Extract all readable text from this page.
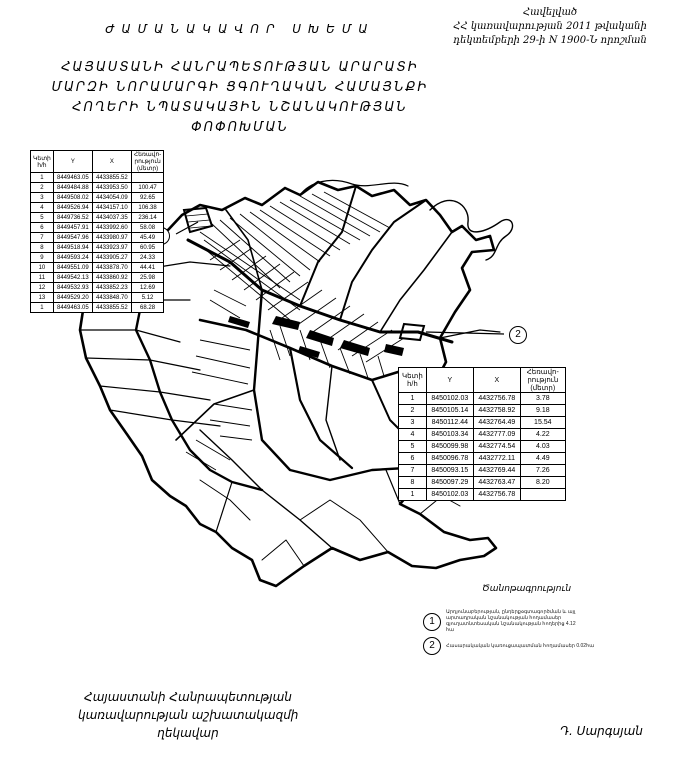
Հավելված
ՀՀ կառավարության 2011 թվականի
դեկտեմբերի 29-ի N 1900-Ն որոշման
ԺԱՄԱՆԱԿԱՎՈՐ ՍԽԵՄԱ
ՀԱՅԱՍՏԱՆԻ ՀԱՆՐԱՊԵՏՈՒԹՅԱՆ ԱՐԱՐԱՏԻ
ՄԱՐԶԻ ՆՈՐԱՄԱՐԳԻ ՑԳՈՒՂԱԿԱՆ ՀԱՄԱՅՆՔԻ
ՀՈՂԵՐԻ ՆՊԱՏԱԿԱՅԻՆ ՆՇԱՆԱԿՈՒԹՅԱՆ
ՓՈՓՈԽՄԱՆ
2
Կետի հ/հ	Y	X	Հեռավո- րություն (մետր)
1	8449463.05	4433855.52	
2	8449484.88	4433953.50	100.47
3	8449508.02	4434054.09	92.65
4	8449526.94	4434157.10	106.38
5	8449736.52	4434037.35	236.14
6	8449457.91	4433992.60	58.08
7	8449547.96	4433980.97	45.49
8	8449518.94	4433923.97	60.95
9	8449593.24	4433905.27	24.33
10	8449551.09	4433878.70	44.41
11	8449542.13	4433860.92	25.98
12	8449532.93	4433852.23	12.69
13	8449529.20	4433848.70	5.12
1	8449463.05	4433855.52	68.28
Կետի հ/հ	Y	X	Հեռավո- րություն (մետր)
1	8450102.03	4432756.78	3.78
2	8450105.14	4432758.92	9.18
3	8450112.44	4432764.49	15.54
4	8450103.34	4432777.09	4.22
5	8450099.98	4432774.54	4.03
6	8450096.78	4432772.11	4.49
7	8450093.15	4432769.44	7.26
8	8450097.29	4432763.47	8.20
1	8450102.03	4432756.78	
Ծանոթագրություն
1
Արդյունաբերության, ընդերքօգտագործման և այլ արտադրական նշանակության հողամասեր գյուղատնտեսական նշանակության հողերից 4.12 հա
2	Հասարակական կառուցապատման հողամասեր 0.02հա
Հայաստանի Հանրապետության
կառավարության աշխատակազմի
ղեկավար	Դ. Սարգսյան
